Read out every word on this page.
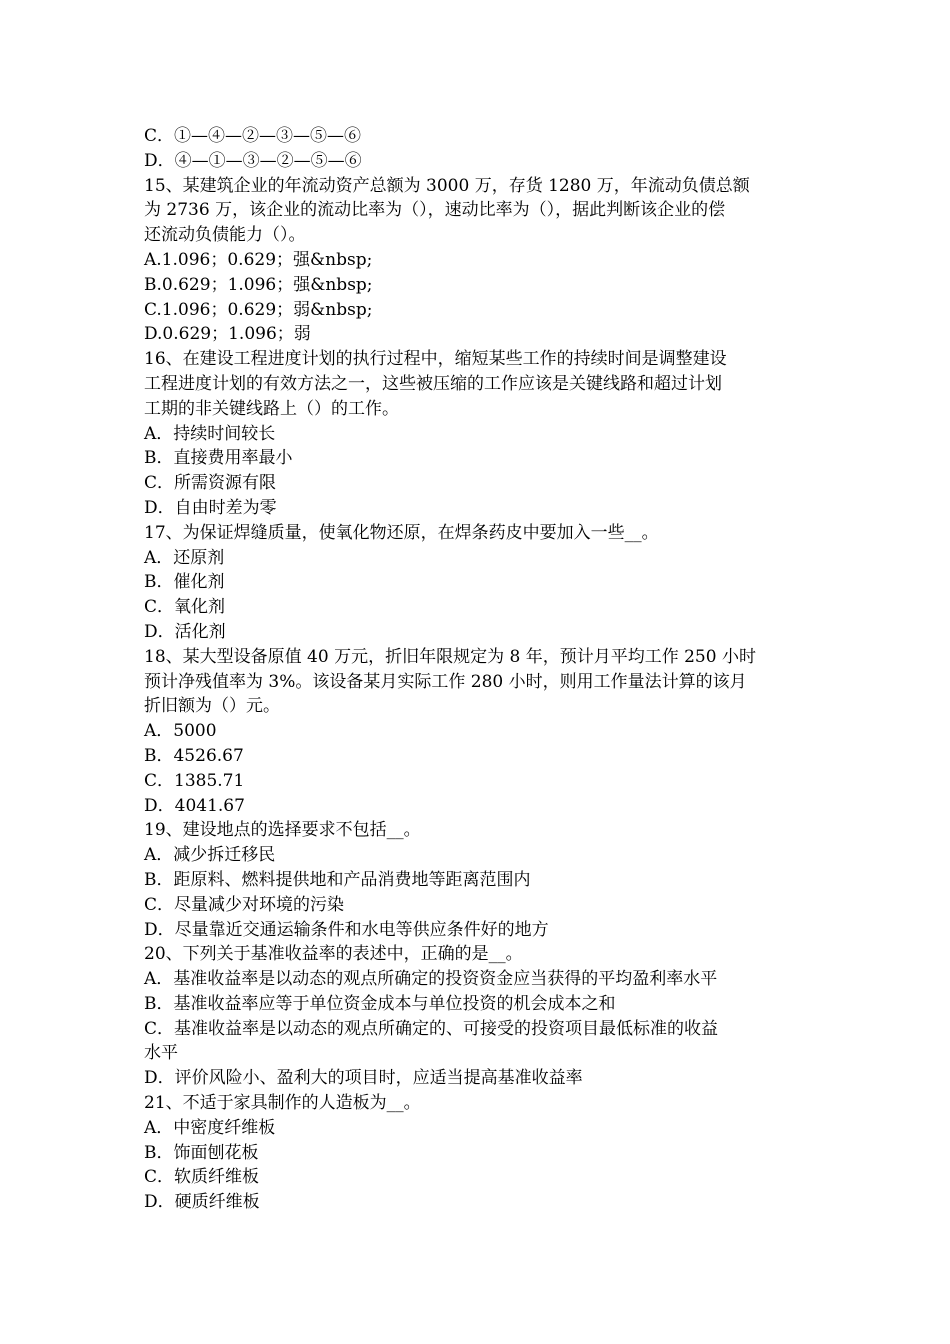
C．①—④—②—③—⑤—⑥

D．④—①—③—②—⑤—⑥

15、某建筑企业的年流动资产总额为 3000 万，存货 1280 万，年流动负债总额

为 2736 万，该企业的流动比率为（），速动比率为（），据此判断该企业的偿

还流动负债能力（）。

A.1.096；0.629；强&nbsp;

B.0.629；1.096；强&nbsp;

C.1.096；0.629；弱&nbsp;

D.0.629；1.096；弱

16、在建设工程进度计划的执行过程中，缩短某些工作的持续时间是调整建设

工程进度计划的有效方法之一，这些被压缩的工作应该是关键线路和超过计划

工期的非关键线路上（）的工作。

A．持续时间较长

B．直接费用率最小

C．所需资源有限

D．自由时差为零

17、为保证焊缝质量，使氧化物还原，在焊条药皮中要加入一些__。

A．还原剂

B．催化剂

C．氧化剂

D．活化剂

18、某大型设备原值 40 万元，折旧年限规定为 8 年，预计月平均工作 250 小时

预计净残值率为 3%。该设备某月实际工作 280 小时，则用工作量法计算的该月

折旧额为（）元。

A．5000

B．4526.67

C．1385.71

D．4041.67

19、建设地点的选择要求不包括__。

A．减少拆迁移民

B．距原料、燃料提供地和产品消费地等距离范围内

C．尽量减少对环境的污染

D．尽量靠近交通运输条件和水电等供应条件好的地方

20、下列关于基准收益率的表述中，正确的是__。

A．基准收益率是以动态的观点所确定的投资资金应当获得的平均盈利率水平

B．基准收益率应等于单位资金成本与单位投资的机会成本之和

C．基准收益率是以动态的观点所确定的、可接受的投资项目最低标准的收益

水平

D．评价风险小、盈利大的项目时，应适当提高基准收益率

21、不适于家具制作的人造板为__。

A．中密度纤维板

B．饰面刨花板

C．软质纤维板

D．硬质纤维板
